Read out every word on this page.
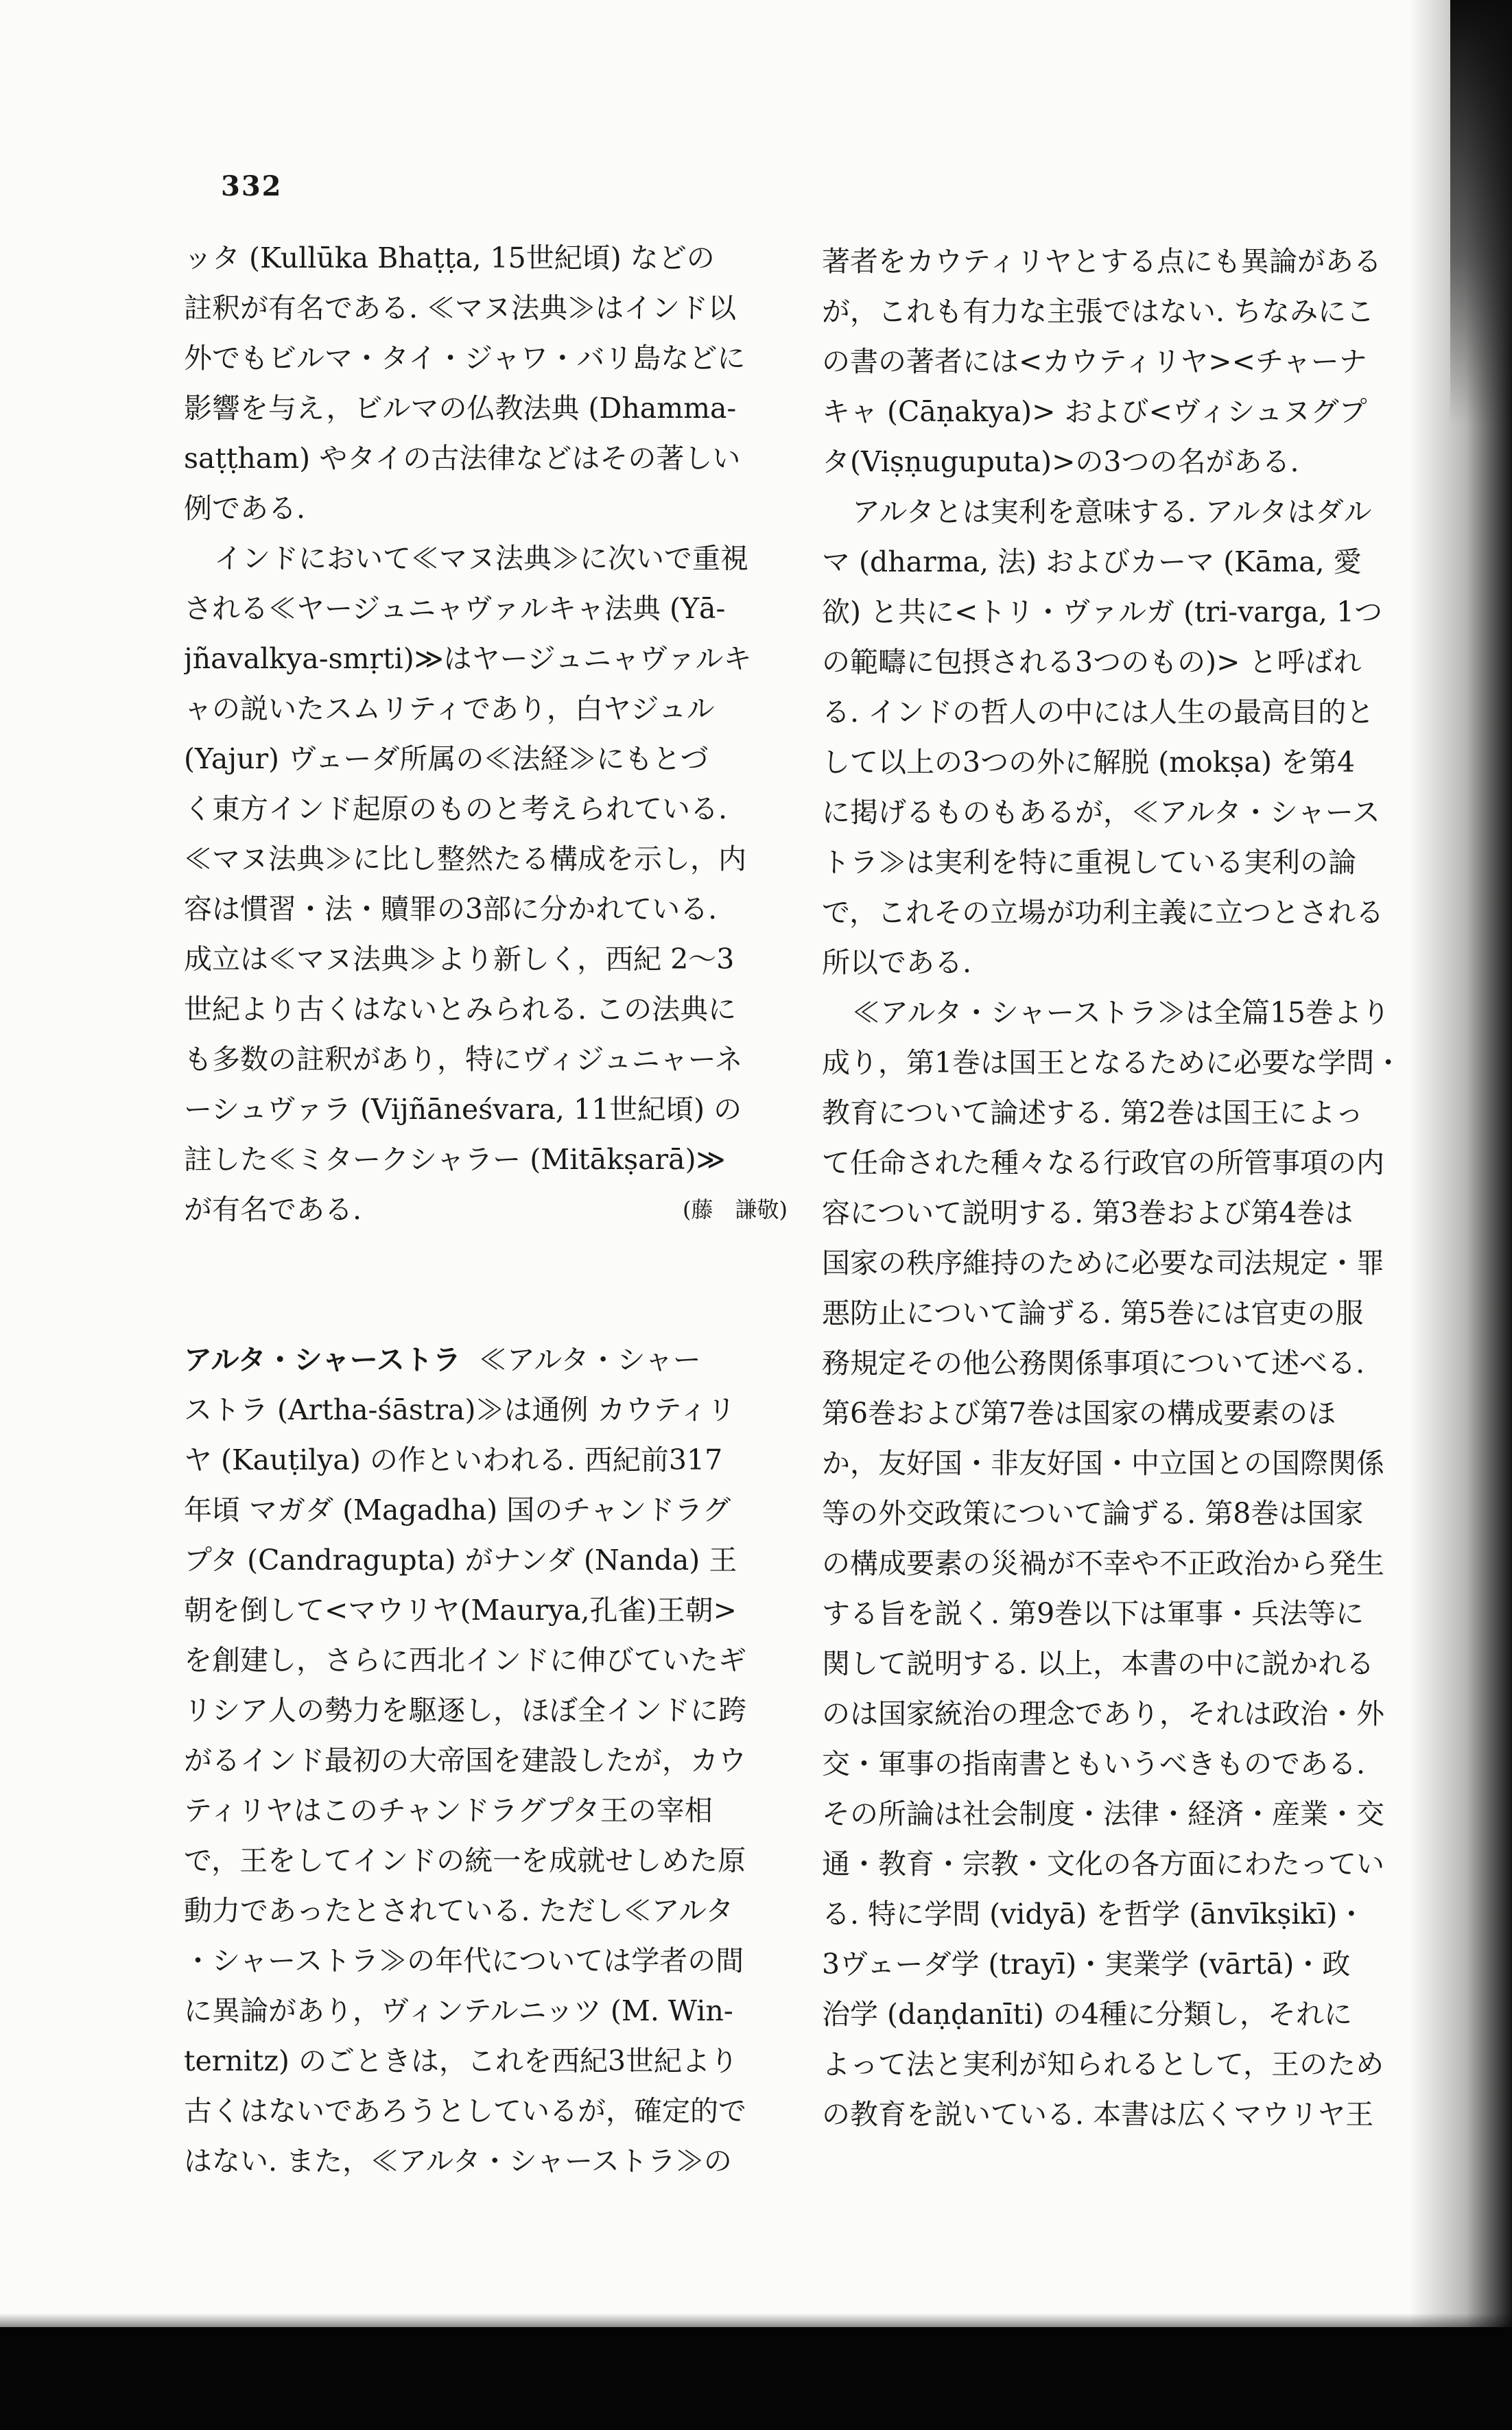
332
ッタ (Kullūka Bhaṭṭa, 15世紀頃) などの
註釈が有名である. ≪マヌ法典≫はインド以
外でもビルマ・タイ・ジャワ・バリ島などに
影響を与え，ビルマの仏教法典 (Dhamma-
saṭṭham) やタイの古法律などはその著しい
例である.
インドにおいて≪マヌ法典≫に次いで重視
される≪ヤージュニャヴァルキャ法典 (Yā-
jñavalkya-smṛti)≫はヤージュニャヴァルキ
ャの説いたスムリティであり，白ヤジュル
(Yajur) ヴェーダ所属の≪法経≫にもとづ
く東方インド起原のものと考えられている.
≪マヌ法典≫に比し整然たる構成を示し，内
容は慣習・法・贖罪の3部に分かれている.
成立は≪マヌ法典≫より新しく，西紀 2～3
世紀より古くはないとみられる. この法典に
も多数の註釈があり，特にヴィジュニャーネ
ーシュヴァラ (Vijñāneśvara, 11世紀頃) の
註した≪ミタークシャラー (Mitākṣarā)≫
が有名である.	(藤　謙敬)
アルタ・シャーストラ ≪アルタ・シャー
ストラ (Artha-śāstra)≫は通例 カウティリ
ヤ (Kauṭilya) の作といわれる. 西紀前317
年頃 マガダ (Magadha) 国のチャンドラグ
プタ (Candragupta) がナンダ (Nanda) 王
朝を倒して<マウリヤ(Maurya,孔雀)王朝>
を創建し，さらに西北インドに伸びていたギ
リシア人の勢力を駆逐し，ほぼ全インドに跨
がるインド最初の大帝国を建設したが，カウ
ティリヤはこのチャンドラグプタ王の宰相
で，王をしてインドの統一を成就せしめた原
動力であったとされている. ただし≪アルタ
・シャーストラ≫の年代については学者の間
に異論があり，ヴィンテルニッツ (M. Win-
ternitz) のごときは，これを西紀3世紀より
古くはないであろうとしているが，確定的で
はない. また，≪アルタ・シャーストラ≫の
著者をカウティリヤとする点にも異論がある
が，これも有力な主張ではない. ちなみにこ
の書の著者には<カウティリヤ><チャーナ
キャ (Cāṇakya)> および<ヴィシュヌグプ
タ(Viṣṇuguputa)>の3つの名がある.
アルタとは実利を意味する. アルタはダル
マ (dharma, 法) およびカーマ (Kāma, 愛
欲) と共に<トリ・ヴァルガ (tri-varga, 1つ
の範疇に包摂される3つのもの)> と呼ばれ
る. インドの哲人の中には人生の最高目的と
して以上の3つの外に解脱 (mokṣa) を第4
に掲げるものもあるが，≪アルタ・シャース
トラ≫は実利を特に重視している実利の論
で，これその立場が功利主義に立つとされる
所以である.
≪アルタ・シャーストラ≫は全篇15巻より
成り，第1巻は国王となるために必要な学問・
教育について論述する. 第2巻は国王によっ
て任命された種々なる行政官の所管事項の内
容について説明する. 第3巻および第4巻は
国家の秩序維持のために必要な司法規定・罪
悪防止について論ずる. 第5巻には官吏の服
務規定その他公務関係事項について述べる.
第6巻および第7巻は国家の構成要素のほ
か，友好国・非友好国・中立国との国際関係
等の外交政策について論ずる. 第8巻は国家
の構成要素の災禍が不幸や不正政治から発生
する旨を説く. 第9巻以下は軍事・兵法等に
関して説明する. 以上，本書の中に説かれる
のは国家統治の理念であり，それは政治・外
交・軍事の指南書ともいうべきものである.
その所論は社会制度・法律・経済・産業・交
通・教育・宗教・文化の各方面にわたってい
る. 特に学問 (vidyā) を哲学 (ānvīkṣikī)・
3ヴェーダ学 (trayī)・実業学 (vārtā)・政
治学 (daṇḍanīti) の4種に分類し，それに
よって法と実利が知られるとして，王のため
の教育を説いている. 本書は広くマウリヤ王
